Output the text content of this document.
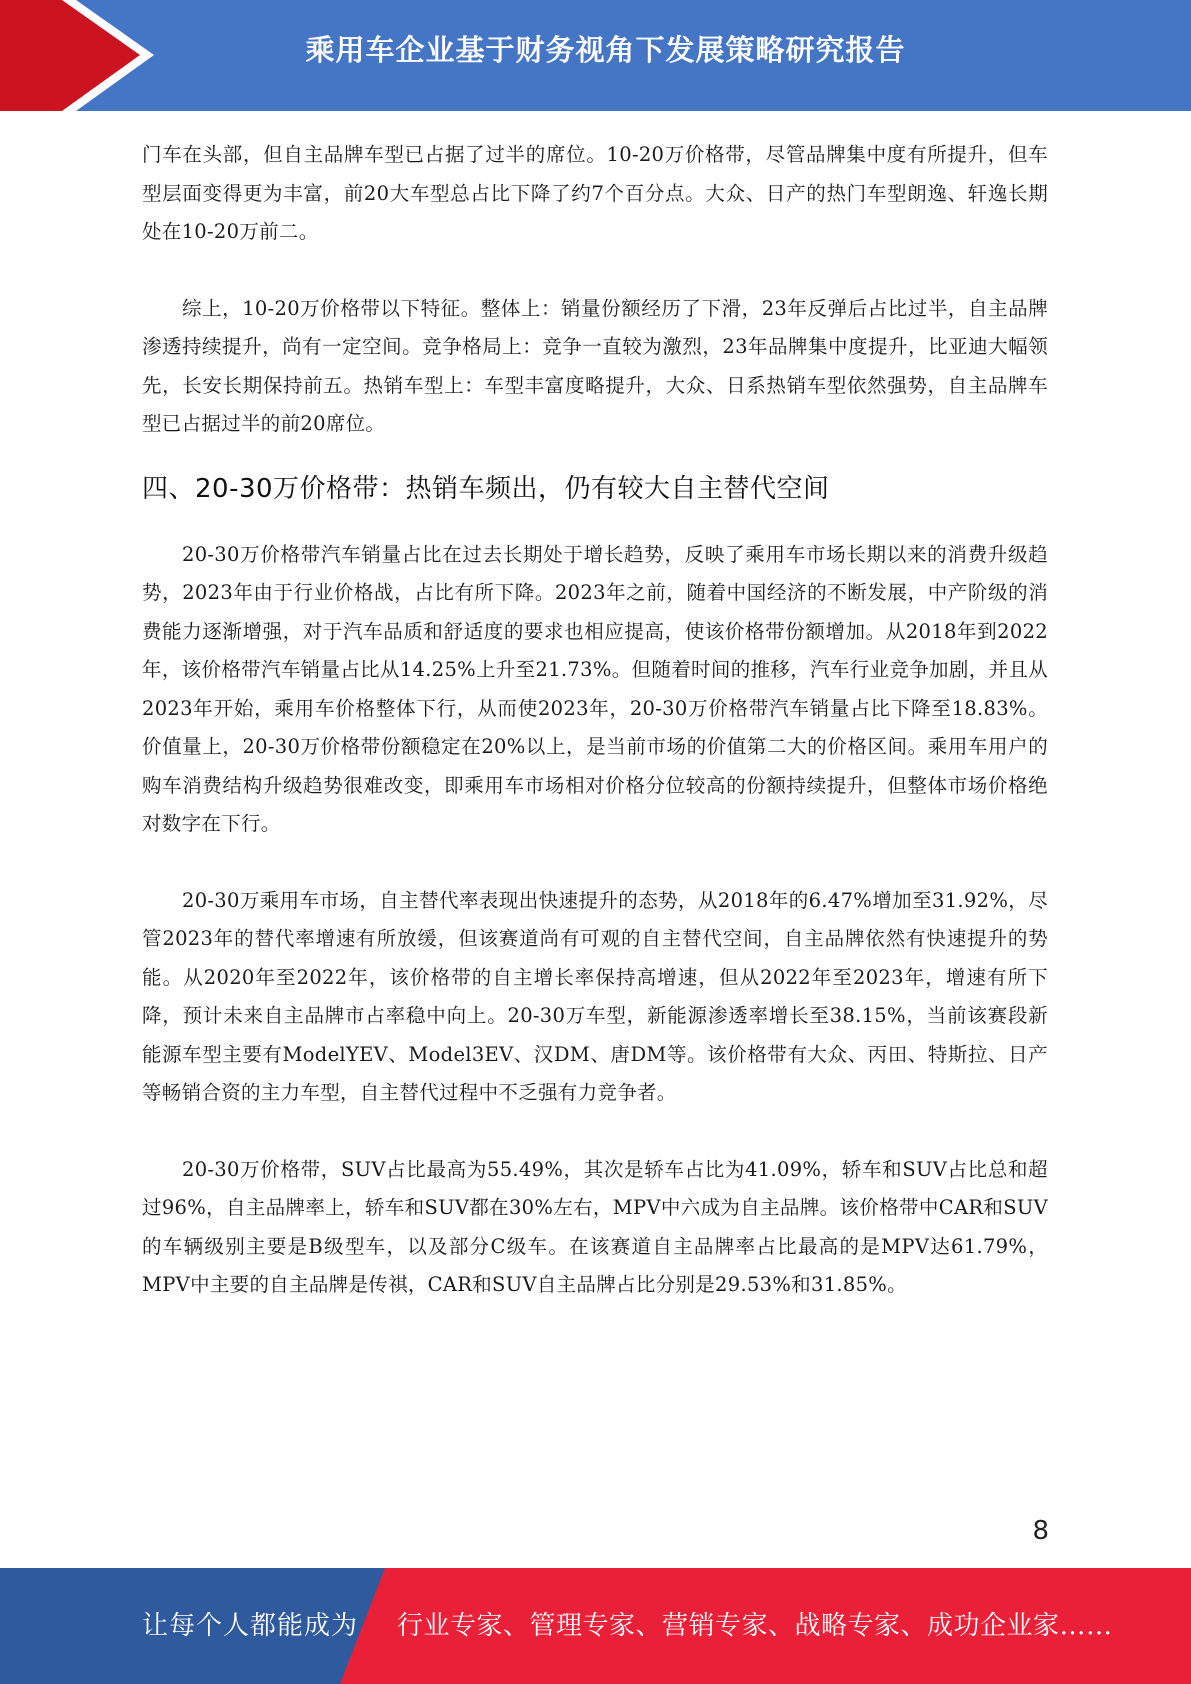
乘用车企业基于财务视角下发展策略研究报告

门车在头部，但自主品牌车型已占据了过半的席位。10-20万价格带，尽管品牌集中度有所提升，但车型层面变得更为丰富，前20大车型总占比下降了约7个百分点。大众、日产的热门车型朗逸、轩逸长期处在10-20万前二。

综上，10-20万价格带以下特征。整体上：销量份额经历了下滑，23年反弹后占比过半，自主品牌渗透持续提升，尚有一定空间。竞争格局上：竞争一直较为激烈，23年品牌集中度提升，比亚迪大幅领先，长安长期保持前五。热销车型上：车型丰富度略提升，大众、日系热销车型依然强势，自主品牌车型已占据过半的前20席位。

四、20-30万价格带：热销车频出，仍有较大自主替代空间

20-30万价格带汽车销量占比在过去长期处于增长趋势，反映了乘用车市场长期以来的消费升级趋势，2023年由于行业价格战，占比有所下降。2023年之前，随着中国经济的不断发展，中产阶级的消费能力逐渐增强，对于汽车品质和舒适度的要求也相应提高，使该价格带份额增加。从2018年到2022年，该价格带汽车销量占比从14.25%上升至21.73%。但随着时间的推移，汽车行业竞争加剧，并且从2023年开始，乘用车价格整体下行，从而使2023年，20-30万价格带汽车销量占比下降至18.83%。价值量上，20-30万价格带份额稳定在20%以上，是当前市场的价值第二大的价格区间。乘用车用户的购车消费结构升级趋势很难改变，即乘用车市场相对价格分位较高的份额持续提升，但整体市场价格绝对数字在下行。

20-30万乘用车市场，自主替代率表现出快速提升的态势，从2018年的6.47%增加至31.92%，尽管2023年的替代率增速有所放缓，但该赛道尚有可观的自主替代空间，自主品牌依然有快速提升的势能。从2020年至2022年，该价格带的自主增长率保持高增速，但从2022年至2023年，增速有所下降，预计未来自主品牌市占率稳中向上。20-30万车型，新能源渗透率增长至38.15%，当前该赛段新能源车型主要有ModelYEV、Model3EV、汉DM、唐DM等。该价格带有大众、丙田、特斯拉、日产等畅销合资的主力车型，自主替代过程中不乏强有力竞争者。

20-30万价格带，SUV占比最高为55.49%，其次是轿车占比为41.09%，轿车和SUV占比总和超过96%，自主品牌率上，轿车和SUV都在30%左右，MPV中六成为自主品牌。该价格带中CAR和SUV的车辆级别主要是B级型车，以及部分C级车。在该赛道自主品牌率占比最高的是MPV达61.79%，MPV中主要的自主品牌是传祺，CAR和SUV自主品牌占比分别是29.53%和31.85%。

8
让每个人都能成为 行业专家、管理专家、营销专家、战略专家、成功企业家……
